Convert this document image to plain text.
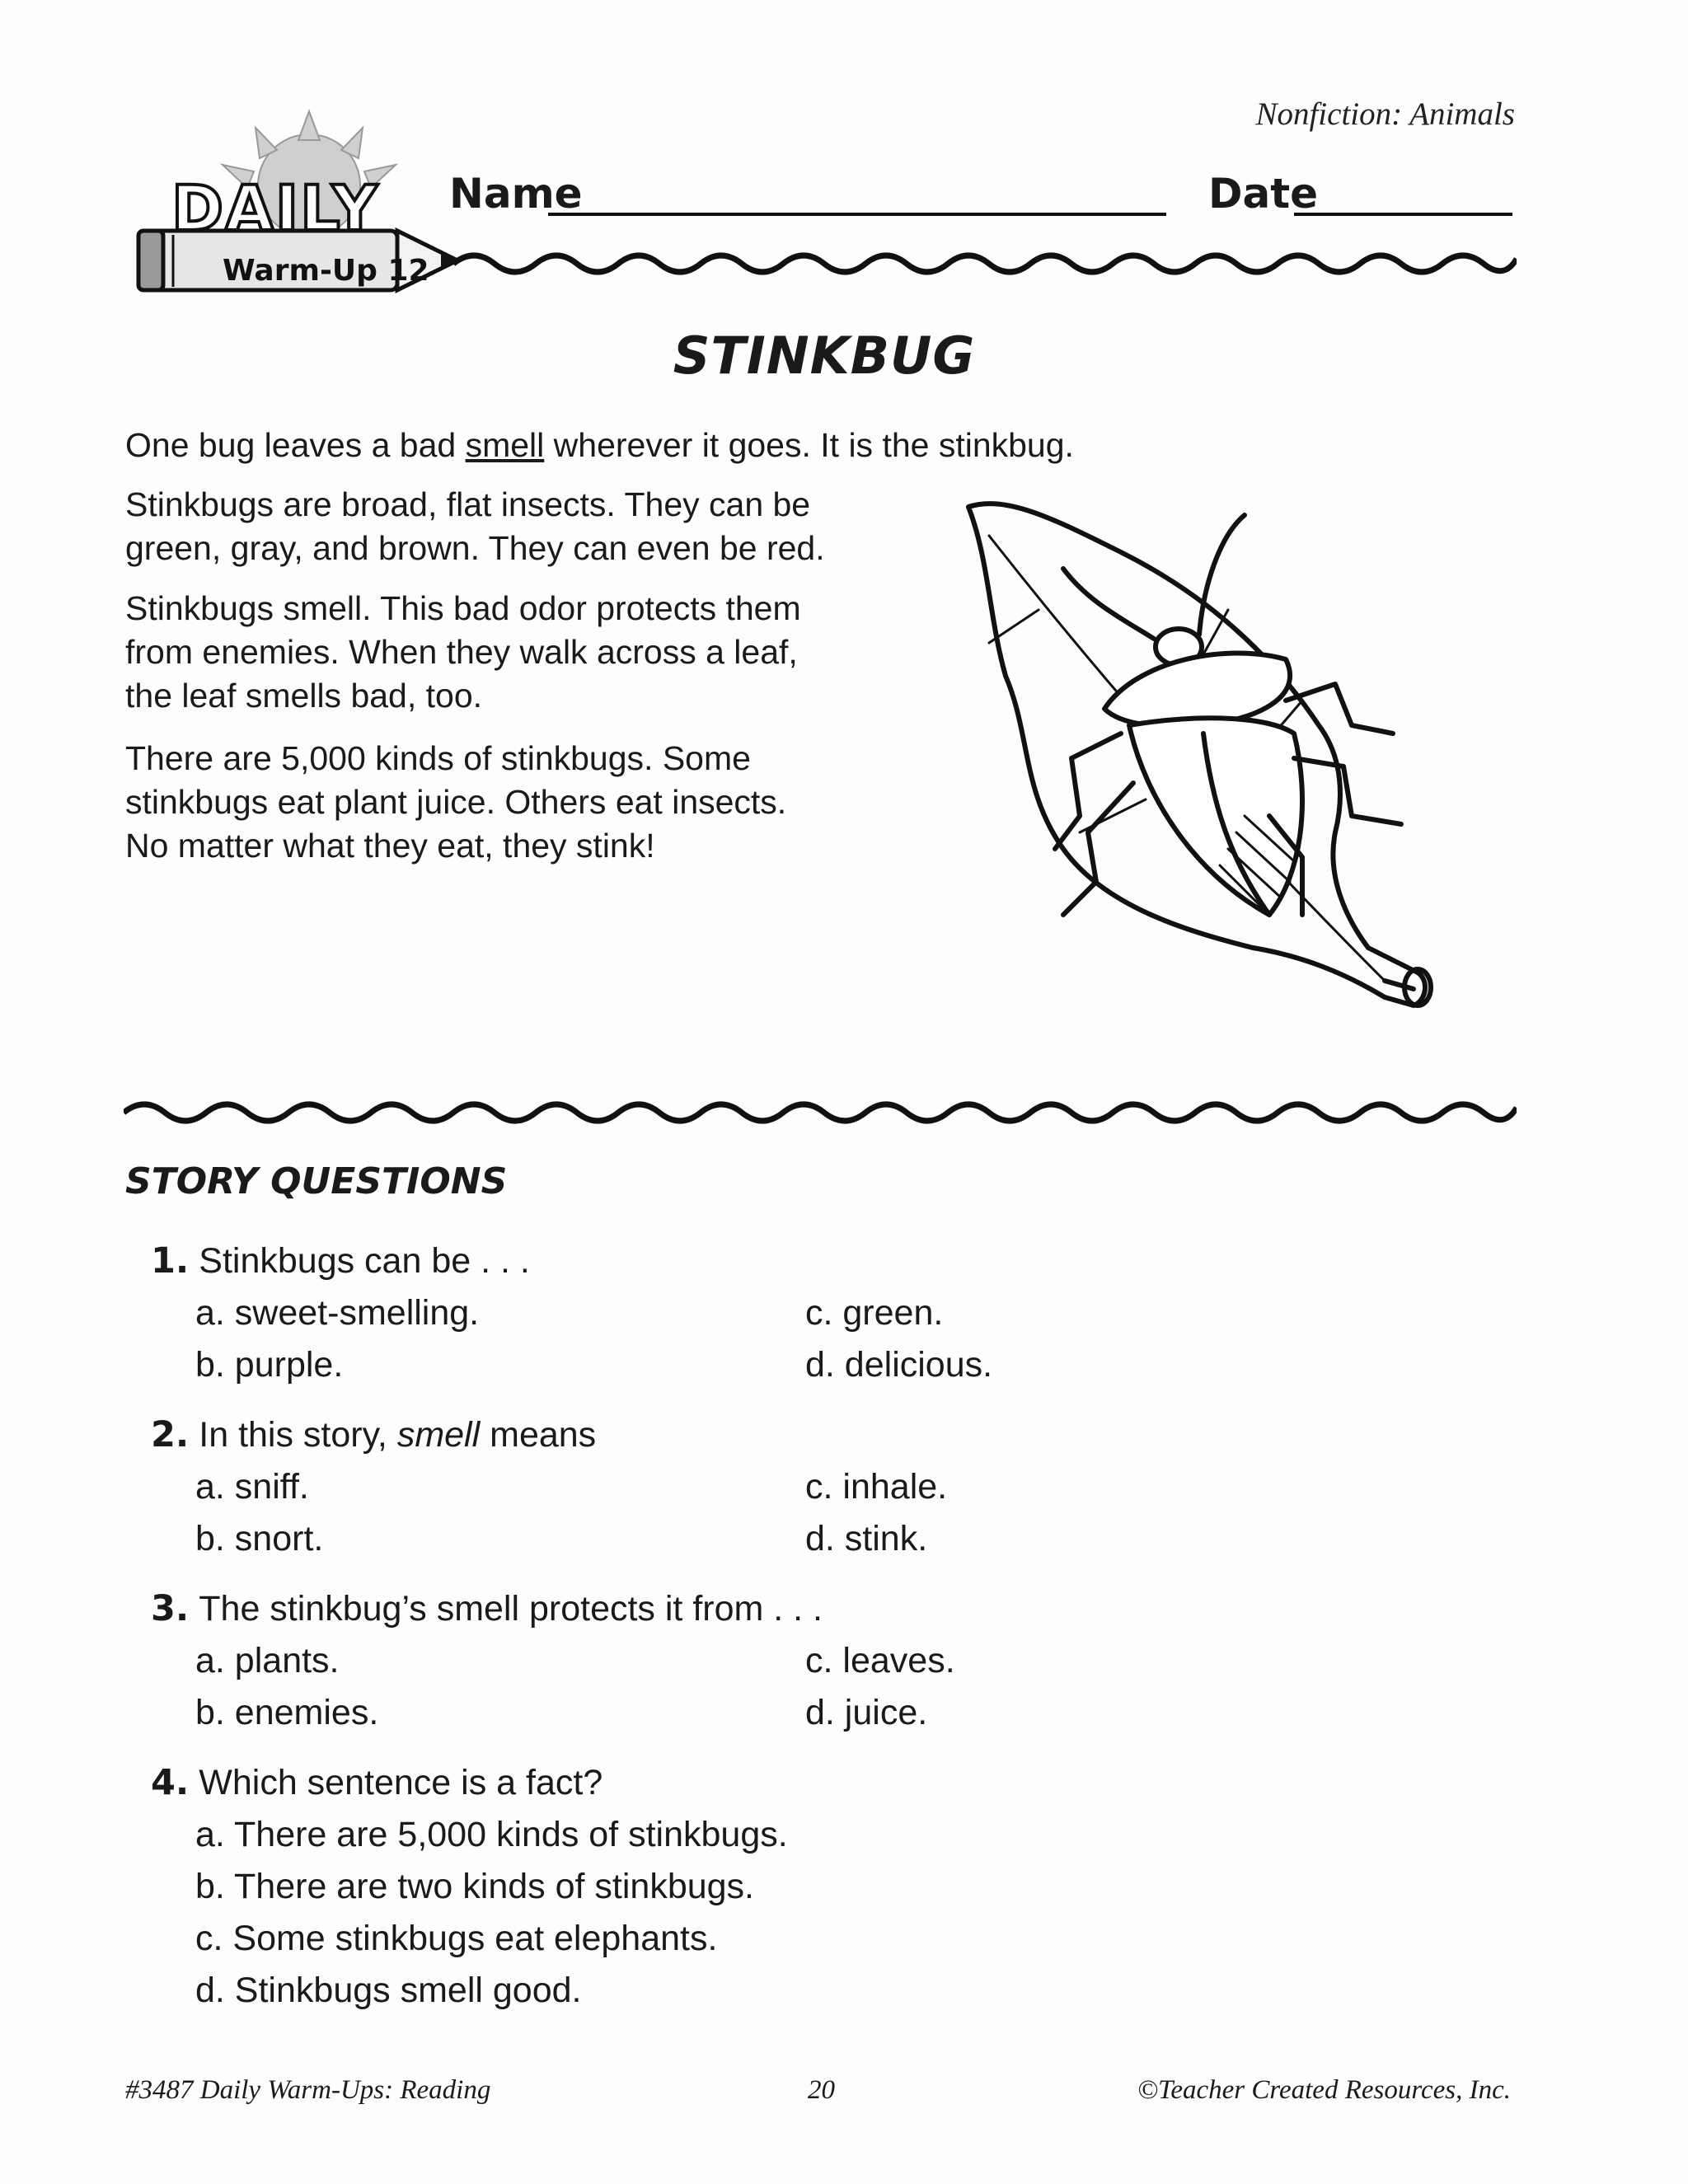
Nonfiction: Animals
DAILY
Warm-Up 12
Name	Date
STINKBUG

One bug leaves a bad smell wherever it goes. It is the stinkbug.

Stinkbugs are broad, flat insects. They can be
green, gray, and brown. They can even be red.

Stinkbugs smell. This bad odor protects them
from enemies. When they walk across a leaf,
the leaf smells bad, too.

There are 5,000 kinds of stinkbugs. Some
stinkbugs eat plant juice. Others eat insects.
No matter what they eat, they stink!

STORY QUESTIONS
1. Stinkbugs can be . . .
a. sweet-smelling.	c. green.
b. purple.	d. delicious.
2. In this story, smell means
a. sniff.	c. inhale.
b. snort.	d. stink.
3. The stinkbug’s smell protects it from . . .
a. plants.	c. leaves.
b. enemies.	d. juice.
4. Which sentence is a fact?
a. There are 5,000 kinds of stinkbugs.
b. There are two kinds of stinkbugs.
c. Some stinkbugs eat elephants.
d. Stinkbugs smell good.
#3487 Daily Warm-Ups: Reading	20	©Teacher Created Resources, Inc.
